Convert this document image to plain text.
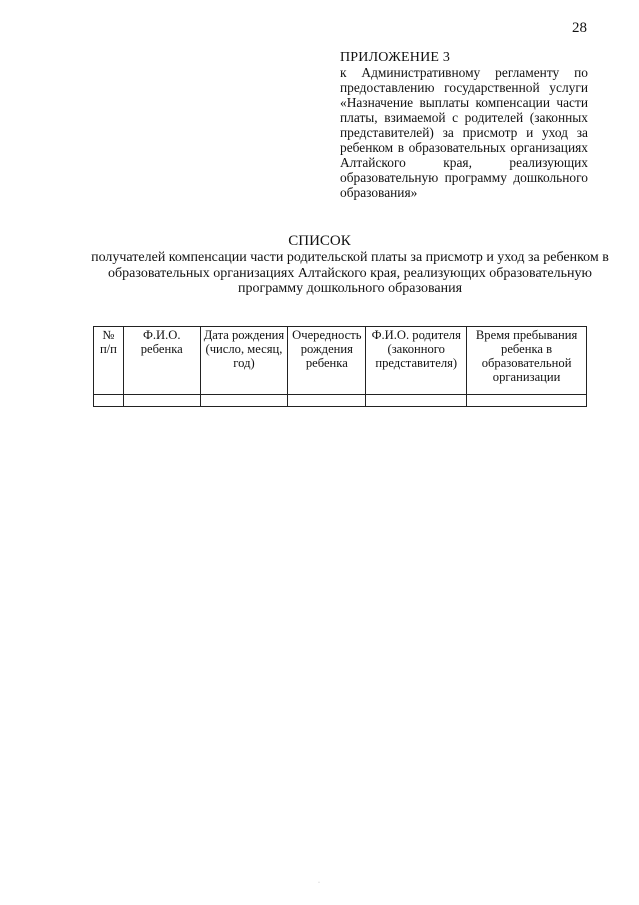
28
ПРИЛОЖЕНИЕ 3
к Административному регламенту по предоставлению государственной услуги «Назначение выплаты компенсации части платы, взимаемой с родителей (законных представителей) за присмотр и уход за ребенком в образовательных организациях Алтайского края, реализующих образовательную программу дошкольного образования»
СПИСОК
получателей компенсации части родительской платы за присмотр и уход за ребенком в образовательных организациях Алтайского края, реализующих образовательную программу дошкольного образования
№ п/п	Ф.И.О. ребенка	Дата рождения (число, месяц, год)	Очередность рождения ребенка	Ф.И.О. родителя (законного представителя)	Время пребывания ребенка в образовательной организации

·
